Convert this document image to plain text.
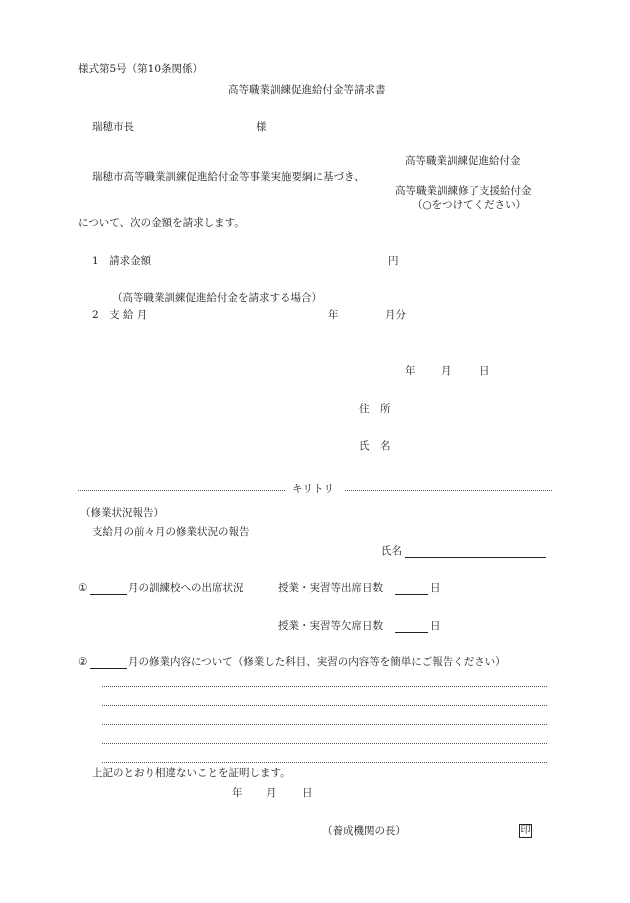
様式第5号（第10条関係）
高等職業訓練促進給付金等請求書
瑞穂市長	様
高等職業訓練促進給付金
瑞穂市高等職業訓練促進給付金等事業実施要綱に基づき、
高等職業訓練修了支援給付金
（○をつけてください）
について、次の金額を請求します。
1　請求金額	円
（高等職業訓練促進給付金を請求する場合）
2　支 給 月	年	月分
年 月	日
住　所
氏　名
キリトリ
（修業状況報告）
支給月の前々月の修業状況の報告
氏名
①	月の訓練校への出席状況	授業・実習等出席日数	日
授業・実習等欠席日数	日
②	月の修業内容について（修業した科目、実習の内容等を簡単にご報告ください）
上記のとおり相違ないことを証明します。
年 月 日
（養成機関の長）	印
